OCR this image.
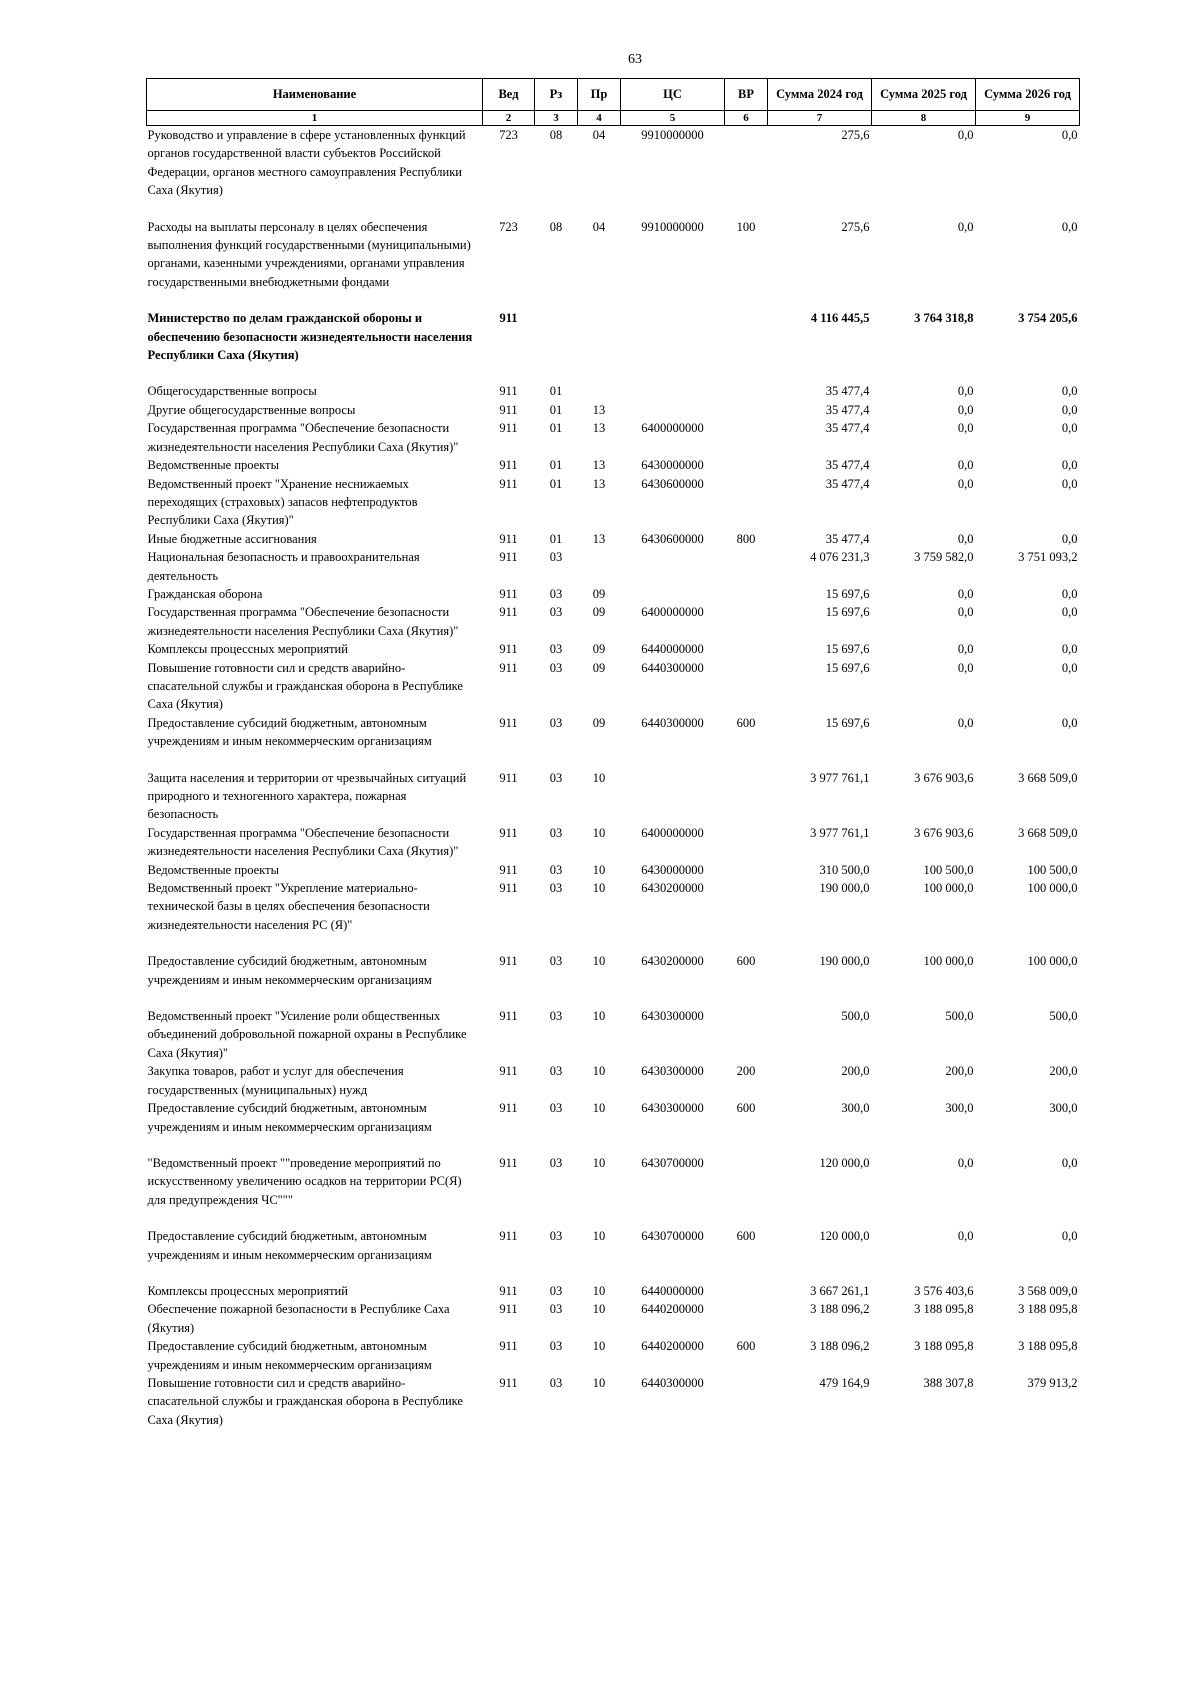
63
Наименование	Вед	Рз	Пр	ЦС	ВР	Сумма 2024 год	Сумма 2025 год	Сумма 2026 год
1	2	3	4	5	6	7	8	9
Руководство и управление в сфере установленных функций органов государственной власти субъектов Российской Федерации, органов местного самоуправления Республики Саха (Якутия)	723	08	04	9910000000		275,6	0,0	0,0
Расходы на выплаты персоналу в целях обеспечения выполнения функций государственными (муниципальными) органами, казенными учреждениями, органами управления государственными внебюджетными фондами	723	08	04	9910000000	100	275,6	0,0	0,0
Министерство по делам гражданской обороны и обеспечению безопасности жизнедеятельности населения Республики Саха (Якутия)	911					4 116 445,5	3 764 318,8	3 754 205,6
Общегосударственные вопросы	911	01				35 477,4	0,0	0,0
Другие общегосударственные вопросы	911	01	13			35 477,4	0,0	0,0
Государственная программа "Обеспечение безопасности жизнедеятельности населения Республики Саха (Якутия)"	911	01	13	6400000000		35 477,4	0,0	0,0
Ведомственные проекты	911	01	13	6430000000		35 477,4	0,0	0,0
Ведомственный проект "Хранение неснижаемых переходящих (страховых) запасов нефтепродуктов Республики Саха (Якутия)"	911	01	13	6430600000		35 477,4	0,0	0,0
Иные бюджетные ассигнования	911	01	13	6430600000	800	35 477,4	0,0	0,0
Национальная безопасность и правоохранительная деятельность	911	03				4 076 231,3	3 759 582,0	3 751 093,2
Гражданская оборона	911	03	09			15 697,6	0,0	0,0
Государственная программа "Обеспечение безопасности жизнедеятельности населения Республики Саха (Якутия)"	911	03	09	6400000000		15 697,6	0,0	0,0
Комплексы процессных мероприятий	911	03	09	6440000000		15 697,6	0,0	0,0
Повышение готовности сил и средств аварийно-спасательной службы и гражданская оборона в Республике Саха (Якутия)	911	03	09	6440300000		15 697,6	0,0	0,0
Предоставление субсидий бюджетным, автономным учреждениям и иным некоммерческим организациям	911	03	09	6440300000	600	15 697,6	0,0	0,0
Защита населения и территории от чрезвычайных ситуаций природного и техногенного характера, пожарная безопасность	911	03	10			3 977 761,1	3 676 903,6	3 668 509,0
Государственная программа "Обеспечение безопасности жизнедеятельности населения Республики Саха (Якутия)"	911	03	10	6400000000		3 977 761,1	3 676 903,6	3 668 509,0
Ведомственные проекты	911	03	10	6430000000		310 500,0	100 500,0	100 500,0
Ведомственный проект "Укрепление материально-технической базы в целях обеспечения безопасности жизнедеятельности населения РС (Я)"	911	03	10	6430200000		190 000,0	100 000,0	100 000,0
Предоставление субсидий бюджетным, автономным учреждениям и иным некоммерческим организациям	911	03	10	6430200000	600	190 000,0	100 000,0	100 000,0
Ведомственный проект "Усиление роли общественных объединений добровольной пожарной охраны в Республике Саха (Якутия)"	911	03	10	6430300000		500,0	500,0	500,0
Закупка товаров, работ и услуг для обеспечения государственных (муниципальных) нужд	911	03	10	6430300000	200	200,0	200,0	200,0
Предоставление субсидий бюджетным, автономным учреждениям и иным некоммерческим организациям	911	03	10	6430300000	600	300,0	300,0	300,0
"Ведомственный проект ""проведение мероприятий по искусственному увеличению осадков на территории РС(Я) для предупреждения ЧС"""	911	03	10	6430700000		120 000,0	0,0	0,0
Предоставление субсидий бюджетным, автономным учреждениям и иным некоммерческим организациям	911	03	10	6430700000	600	120 000,0	0,0	0,0
Комплексы процессных мероприятий	911	03	10	6440000000		3 667 261,1	3 576 403,6	3 568 009,0
Обеспечение пожарной безопасности в Республике Саха (Якутия)	911	03	10	6440200000		3 188 096,2	3 188 095,8	3 188 095,8
Предоставление субсидий бюджетным, автономным учреждениям и иным некоммерческим организациям	911	03	10	6440200000	600	3 188 096,2	3 188 095,8	3 188 095,8
Повышение готовности сил и средств аварийно-спасательной службы и гражданская оборона в Республике Саха (Якутия)	911	03	10	6440300000		479 164,9	388 307,8	379 913,2
